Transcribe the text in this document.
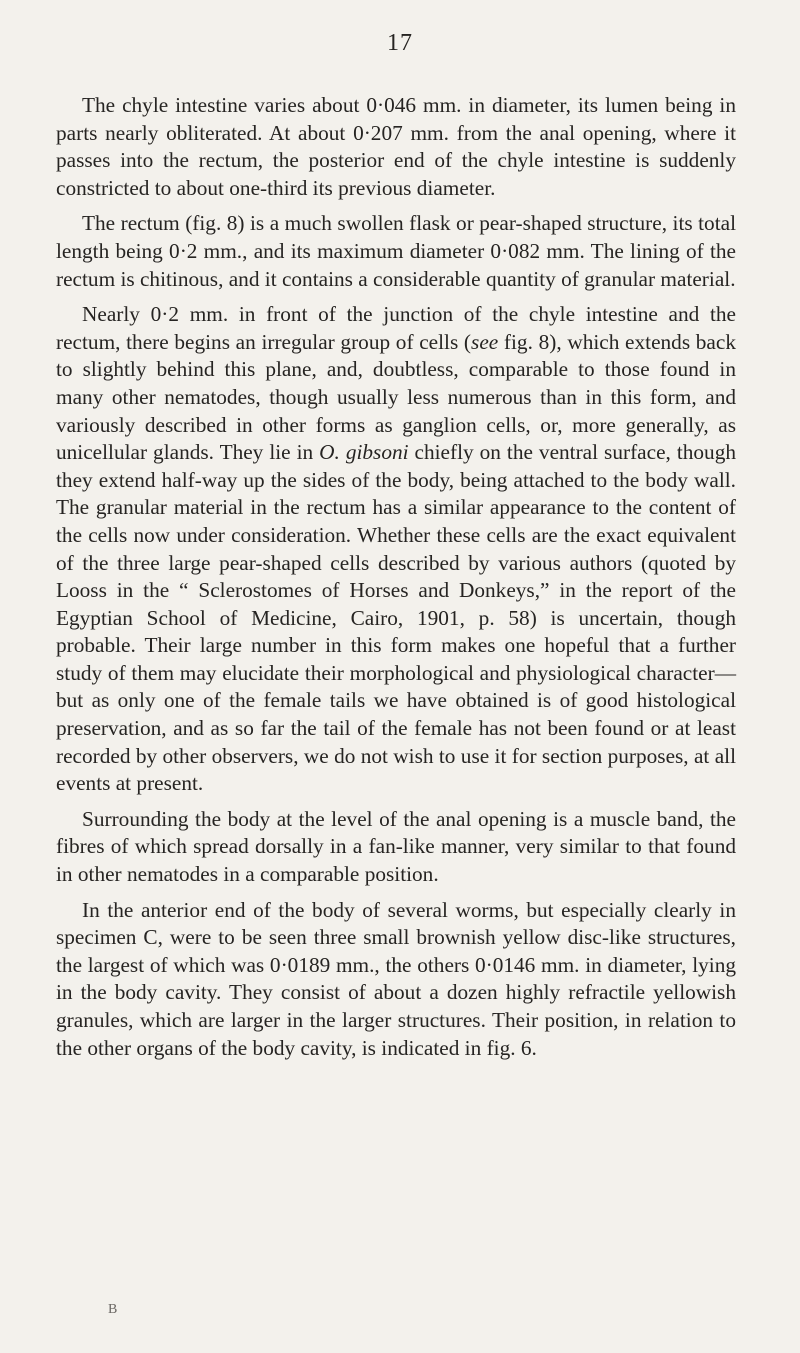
17

The chyle intestine varies about 0·046 mm. in diameter, its lumen being in parts nearly obliterated. At about 0·207 mm. from the anal opening, where it passes into the rectum, the posterior end of the chyle intestine is suddenly constricted to about one-third its previous diameter.

The rectum (fig. 8) is a much swollen flask or pear-shaped structure, its total length being 0·2 mm., and its maximum diameter 0·082 mm. The lining of the rectum is chitinous, and it contains a considerable quantity of granular material.

Nearly 0·2 mm. in front of the junction of the chyle intestine and the rectum, there begins an irregular group of cells (see fig. 8), which extends back to slightly behind this plane, and, doubtless, comparable to those found in many other nematodes, though usually less numerous than in this form, and variously described in other forms as ganglion cells, or, more generally, as unicellular glands. They lie in O. gibsoni chiefly on the ventral surface, though they extend half-way up the sides of the body, being attached to the body wall. The granular material in the rectum has a similar appearance to the content of the cells now under consideration. Whether these cells are the exact equivalent of the three large pear-shaped cells described by various authors (quoted by Looss in the “ Sclerostomes of Horses and Donkeys,” in the report of the Egyptian School of Medicine, Cairo, 1901, p. 58) is uncertain, though probable. Their large number in this form makes one hopeful that a further study of them may elucidate their morphological and physiological character— but as only one of the female tails we have obtained is of good histological preservation, and as so far the tail of the female has not been found or at least recorded by other observers, we do not wish to use it for section purposes, at all events at present.

Surrounding the body at the level of the anal opening is a muscle band, the fibres of which spread dorsally in a fan-like manner, very similar to that found in other nematodes in a comparable position.

In the anterior end of the body of several worms, but especially clearly in specimen C, were to be seen three small brownish yellow disc-like structures, the largest of which was 0·0189 mm., the others 0·0146 mm. in diameter, lying in the body cavity. They consist of about a dozen highly refractile yellowish granules, which are larger in the larger structures. Their position, in relation to the other organs of the body cavity, is indicated in fig. 6.

B
